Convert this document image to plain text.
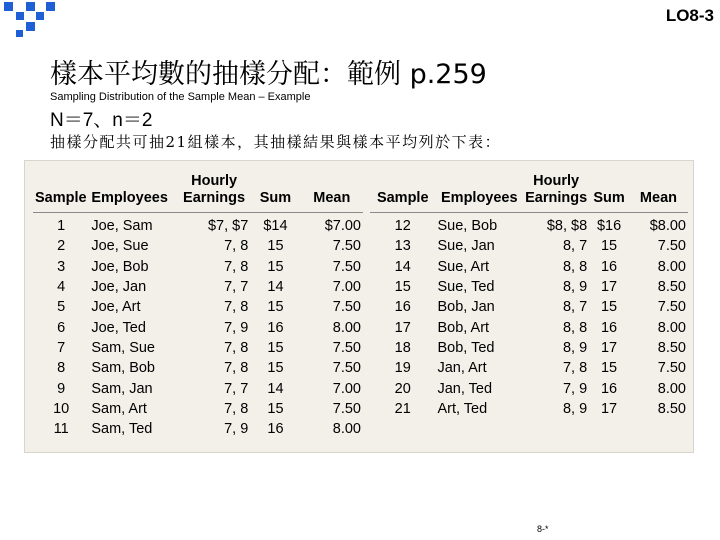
LO8-3
樣本平均數的抽樣分配：範例 p.259
Sampling Distribution of the Sample Mean – Example
N＝7、n＝2
抽樣分配共可抽21組樣本，其抽樣結果與樣本平均列於下表：
Sample	Employees	Hourly
Earnings	Sum	Mean
1	Joe, Sam	$7, $7	$14	$7.00
2	Joe, Sue	7, 8	15	7.50
3	Joe, Bob	7, 8	15	7.50
4	Joe, Jan	7, 7	14	7.00
5	Joe, Art	7, 8	15	7.50
6	Joe, Ted	7, 9	16	8.00
7	Sam, Sue	7, 8	15	7.50
8	Sam, Bob	7, 8	15	7.50
9	Sam, Jan	7, 7	14	7.00
10	Sam, Art	7, 8	15	7.50
11	Sam, Ted	7, 9	16	8.00
Sample	Employees	Hourly
Earnings	Sum	Mean
12	Sue, Bob	$8, $8	$16	$8.00
13	Sue, Jan	8, 7	15	7.50
14	Sue, Art	8, 8	16	8.00
15	Sue, Ted	8, 9	17	8.50
16	Bob, Jan	8, 7	15	7.50
17	Bob, Art	8, 8	16	8.00
18	Bob, Ted	8, 9	17	8.50
19	Jan, Art	7, 8	15	7.50
20	Jan, Ted	7, 9	16	8.00
21	Art, Ted	8, 9	17	8.50
8-*
